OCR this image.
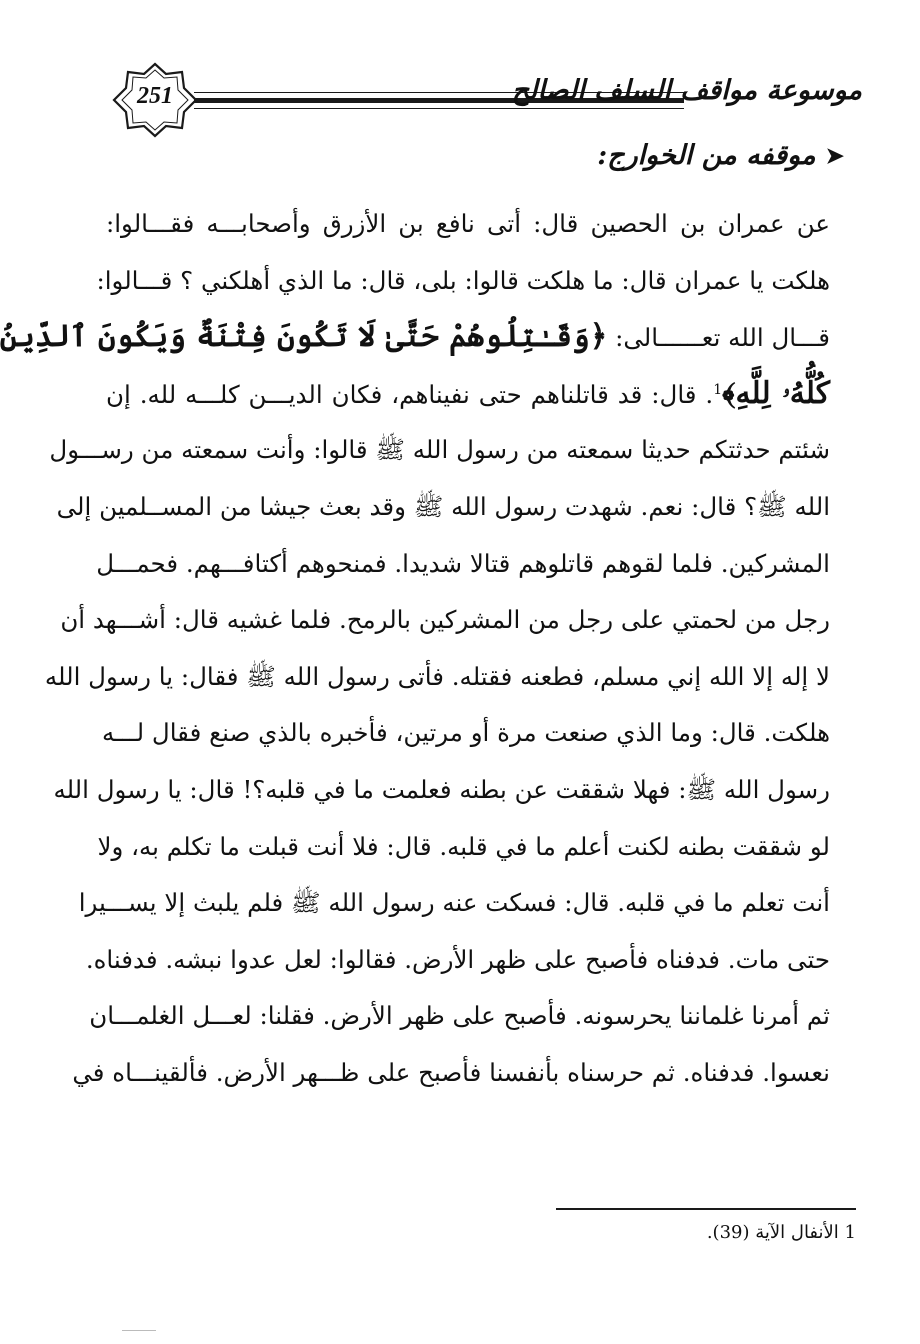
251	موسوعة مواقف السلف الصالح
➤
موقفه من الخوارج:
عن عمران بن الحصين قال: أتى نافع بن الأزرق وأصحابـــه فقـــالوا:
هلكت يا عمران قال: ما هلكت قالوا: بلى، قال: ما الذي أهلكني ؟ قـــالوا:
قـــال الله تعــــــالى: ﴿وَقَـٰتِلُوهُمْ حَتَّىٰ لَا تَكُونَ فِتْنَةٌ وَيَكُونَ ٱلدِّينُ
كُلُّهُۥ لِلَّهِ﴾$^1$. قال: قد قاتلناهم حتى نفيناهم، فكان الديـــن كلـــه لله. إن
شئتم حدثتكم حديثا سمعته من رسول الله ﷺ قالوا: وأنت سمعته من رســـول
الله ﷺ؟ قال: نعم. شهدت رسول الله ﷺ وقد بعث جيشا من المســلمين إلى
المشركين. فلما لقوهم قاتلوهم قتالا شديدا. فمنحوهم أكتافـــهم. فحمـــل
رجل من لحمتي على رجل من المشركين بالرمح. فلما غشيه قال: أشـــهد أن
لا إله إلا الله إني مسلم، فطعنه فقتله. فأتى رسول الله ﷺ فقال: يا رسول الله
هلكت. قال: وما الذي صنعت مرة أو مرتين، فأخبره بالذي صنع فقال لـــه
رسول الله ﷺ: فهلا شققت عن بطنه فعلمت ما في قلبه؟! قال: يا رسول الله
لو شققت بطنه لكنت أعلم ما في قلبه. قال: فلا أنت قبلت ما تكلم به، ولا
أنت تعلم ما في قلبه. قال: فسكت عنه رسول الله ﷺ فلم يلبث إلا يســـيرا
حتى مات. فدفناه فأصبح على ظهر الأرض. فقالوا: لعل عدوا نبشه. فدفناه.
ثم أمرنا غلماننا يحرسونه. فأصبح على ظهر الأرض. فقلنا: لعـــل الغلمـــان
نعسوا. فدفناه. ثم حرسناه بأنفسنا فأصبح على ظـــهر الأرض. فألقينـــاه في
1 الأنفال الآية (39).
